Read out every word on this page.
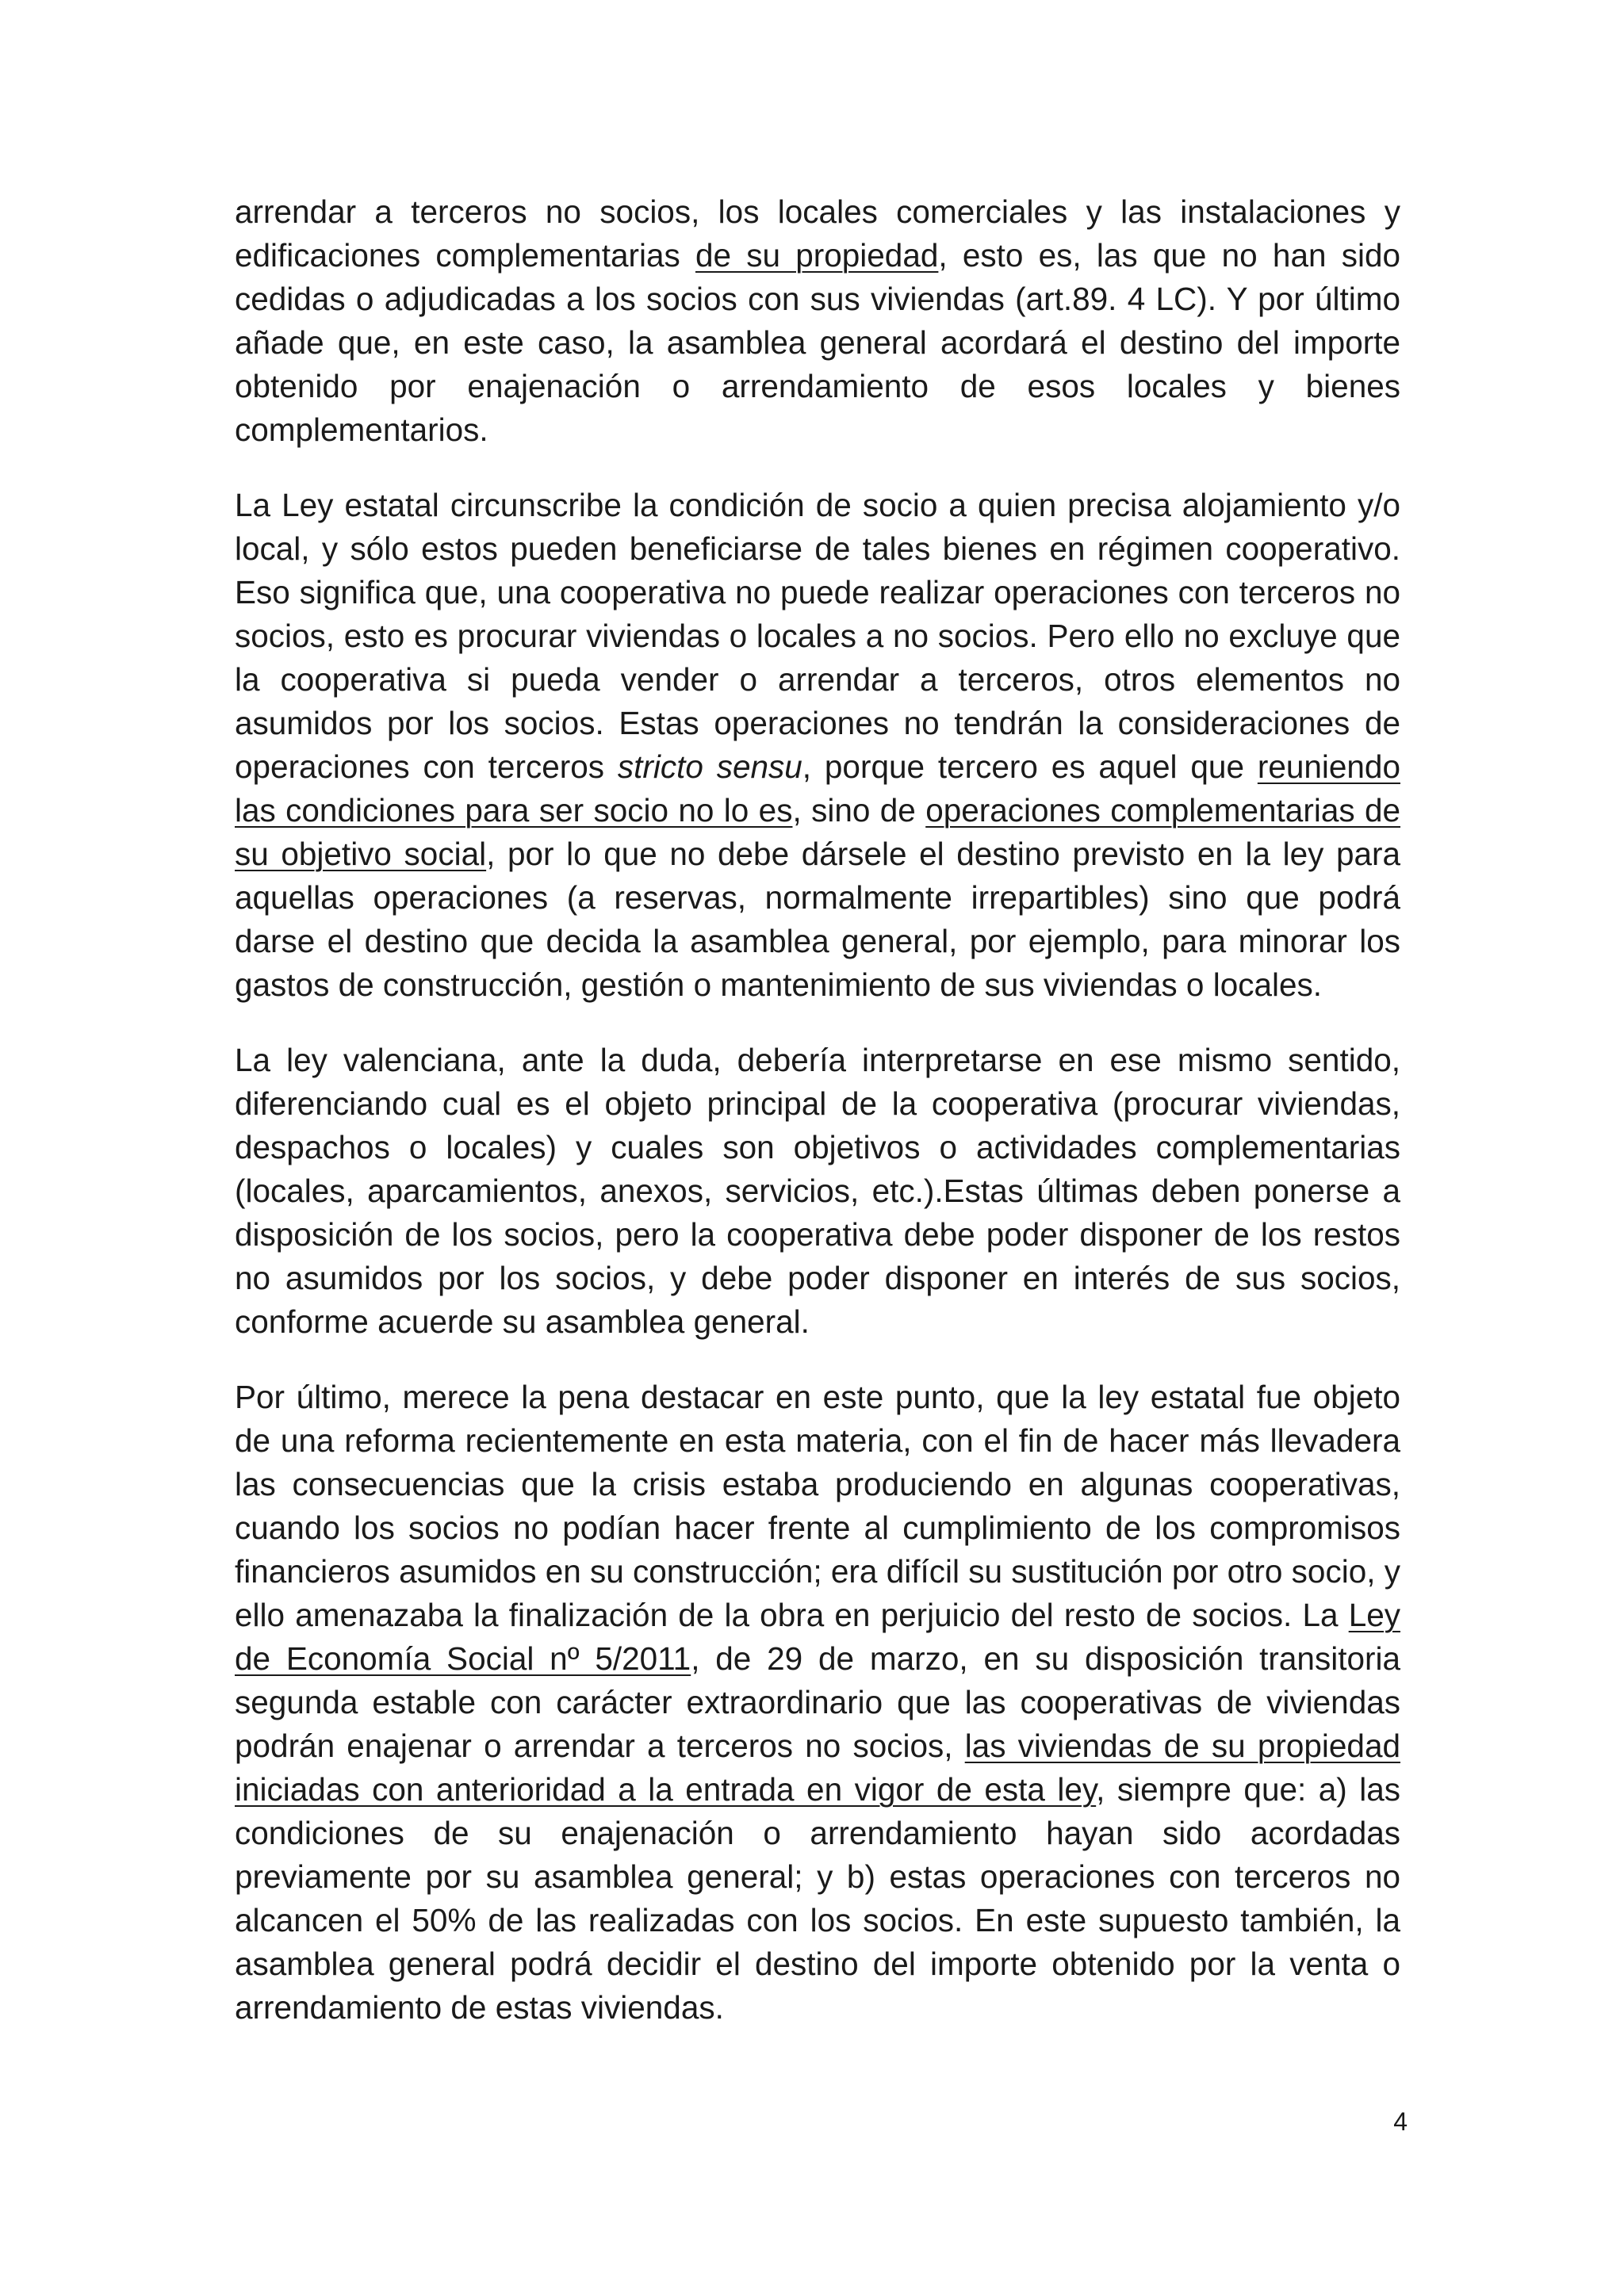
arrendar a terceros no socios, los locales comerciales y las instalaciones y edificaciones complementarias de su propiedad, esto es, las que no han sido cedidas o adjudicadas a los socios con sus viviendas (art.89. 4 LC). Y por último añade que, en este caso, la asamblea general acordará el destino del importe obtenido por enajenación o arrendamiento de esos locales y bienes complementarios.

La Ley estatal circunscribe la condición de socio a quien precisa alojamiento y/o local, y sólo estos pueden beneficiarse de tales bienes en régimen cooperativo. Eso significa que, una cooperativa no puede realizar operaciones con terceros no socios, esto es procurar viviendas o locales a no socios. Pero ello no excluye que la cooperativa si pueda vender o arrendar a terceros, otros elementos no asumidos por los socios. Estas operaciones no tendrán la consideraciones de operaciones con terceros stricto sensu, porque tercero es aquel que reuniendo las condiciones para ser socio no lo es, sino de operaciones complementarias de su objetivo social, por lo que no debe dársele el destino previsto en la ley para aquellas operaciones (a reservas, normalmente irrepartibles) sino que podrá darse el destino que decida la asamblea general, por ejemplo, para minorar los gastos de construcción, gestión o mantenimiento de sus viviendas o locales.

La ley valenciana, ante la duda, debería interpretarse en ese mismo sentido, diferenciando cual es el objeto principal de la cooperativa (procurar viviendas, despachos o locales) y cuales son objetivos o actividades complementarias (locales, aparcamientos, anexos, servicios, etc.).Estas últimas deben ponerse a disposición de los socios, pero la cooperativa debe poder disponer de los restos no asumidos por los socios, y debe poder disponer en interés de sus socios, conforme acuerde su asamblea general.

Por último, merece la pena destacar en este punto, que la ley estatal fue objeto de una reforma recientemente en esta materia, con el fin de hacer más llevadera las consecuencias que la crisis estaba produciendo en algunas cooperativas, cuando los socios no podían hacer frente al cumplimiento de los compromisos financieros asumidos en su construcción; era difícil su sustitución por otro socio, y ello amenazaba la finalización de la obra en perjuicio del resto de socios. La Ley de Economía Social nº 5/2011, de 29 de marzo, en su disposición transitoria segunda estable con carácter extraordinario que las cooperativas de viviendas podrán enajenar o arrendar a terceros no socios, las viviendas de su propiedad iniciadas con anterioridad a la entrada en vigor de esta ley, siempre que: a) las condiciones de su enajenación o arrendamiento hayan sido acordadas previamente por su asamblea general; y b) estas operaciones con terceros no alcancen el 50% de las realizadas con los socios. En este supuesto también, la asamblea general podrá decidir el destino del importe obtenido por la venta o arrendamiento de estas viviendas.

4
